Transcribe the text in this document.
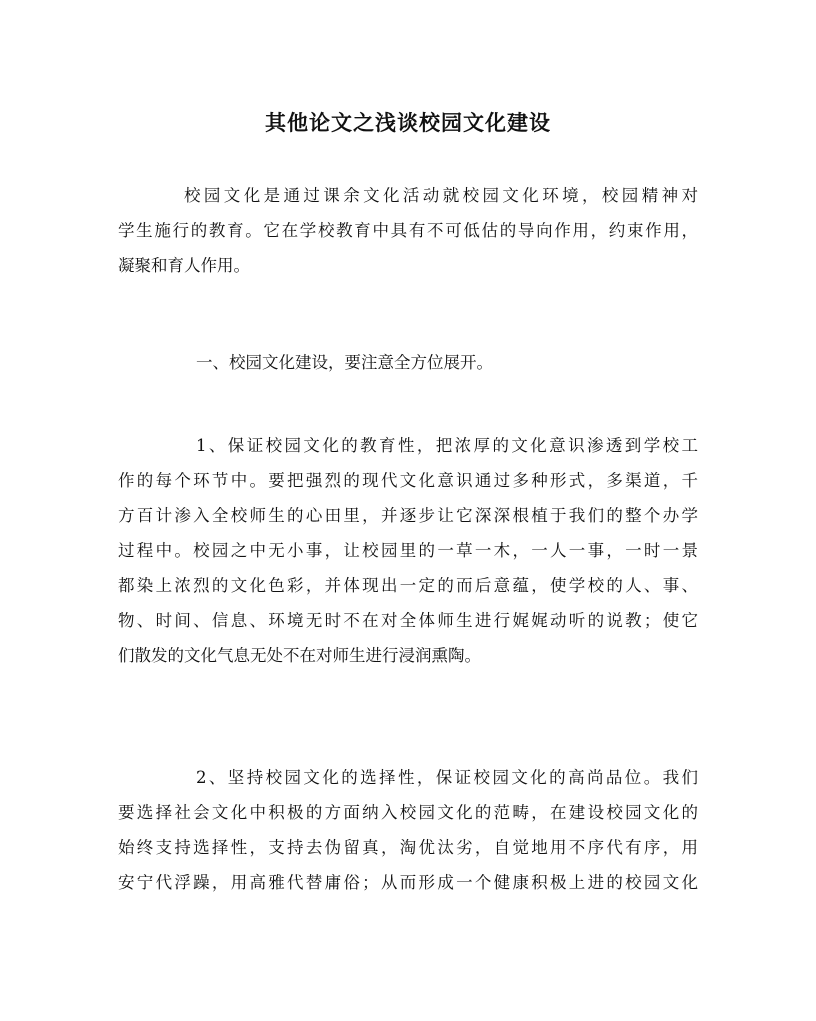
其他论文之浅谈校园文化建设
校园文化是通过课余文化活动就校园文化环境，校园精神对
学生施行的教育。它在学校教育中具有不可低估的导向作用，约束作用，
凝聚和育人作用。
一、校园文化建设，要注意全方位展开。
1、保证校园文化的教育性，把浓厚的文化意识渗透到学校工
作的每个环节中。要把强烈的现代文化意识通过多种形式，多渠道，千
方百计渗入全校师生的心田里，并逐步让它深深根植于我们的整个办学
过程中。校园之中无小事，让校园里的一草一木，一人一事，一时一景
都染上浓烈的文化色彩，并体现出一定的而后意蕴，使学校的人、事、
物、时间、信息、环境无时不在对全体师生进行娓娓动听的说教；使它
们散发的文化气息无处不在对师生进行浸润熏陶。
2、坚持校园文化的选择性，保证校园文化的高尚品位。我们
要选择社会文化中积极的方面纳入校园文化的范畴，在建设校园文化的
始终支持选择性，支持去伪留真，淘优汰劣，自觉地用不序代有序，用
安宁代浮躁，用高雅代替庸俗；从而形成一个健康积极上进的校园文化
